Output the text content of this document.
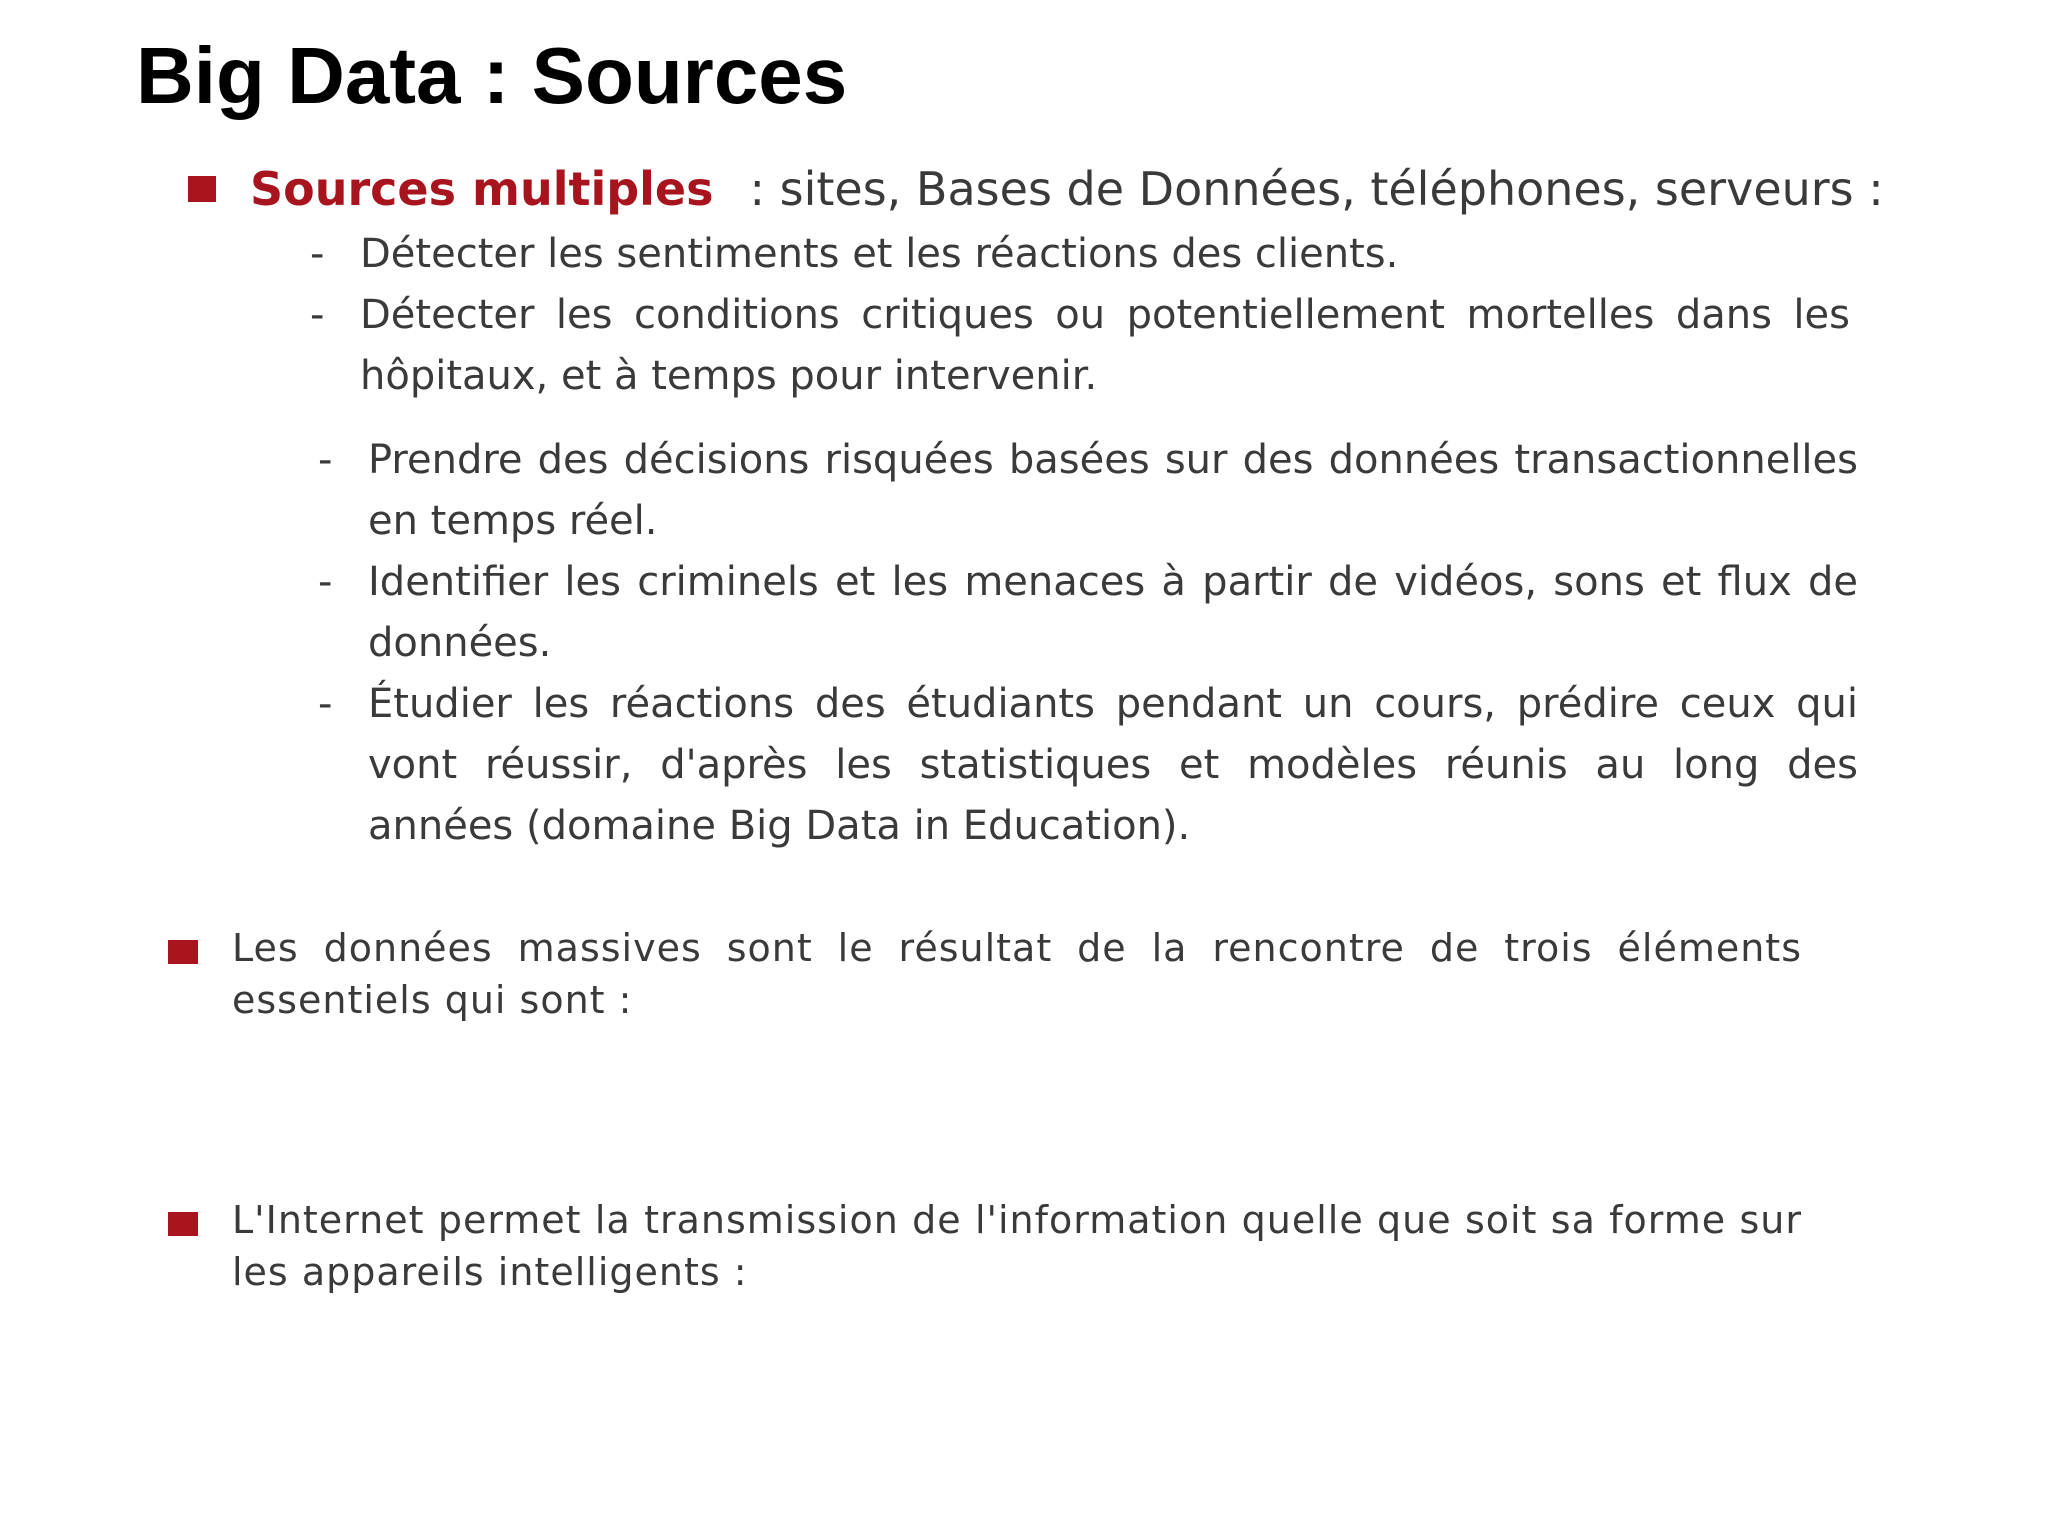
Big Data : Sources
Sources multiples : sites, Bases de Données, téléphones, serveurs :
- Détecter les sentiments et les réactions des clients.
- Détecter les conditions critiques ou potentiellement mortelles dans les hôpitaux, et à temps pour intervenir.
- Prendre des décisions risquées basées sur des données transactionnelles en temps réel.
- Identifier les criminels et les menaces à partir de vidéos, sons et flux de données.
- Étudier les réactions des étudiants pendant un cours, prédire ceux qui vont réussir, d'après les statistiques et modèles réunis au long des années (domaine Big Data in Education).
Les données massives sont le résultat de la rencontre de trois éléments essentiels qui sont :
L'Internet permet la transmission de l'information quelle que soit sa forme sur les appareils intelligents :
